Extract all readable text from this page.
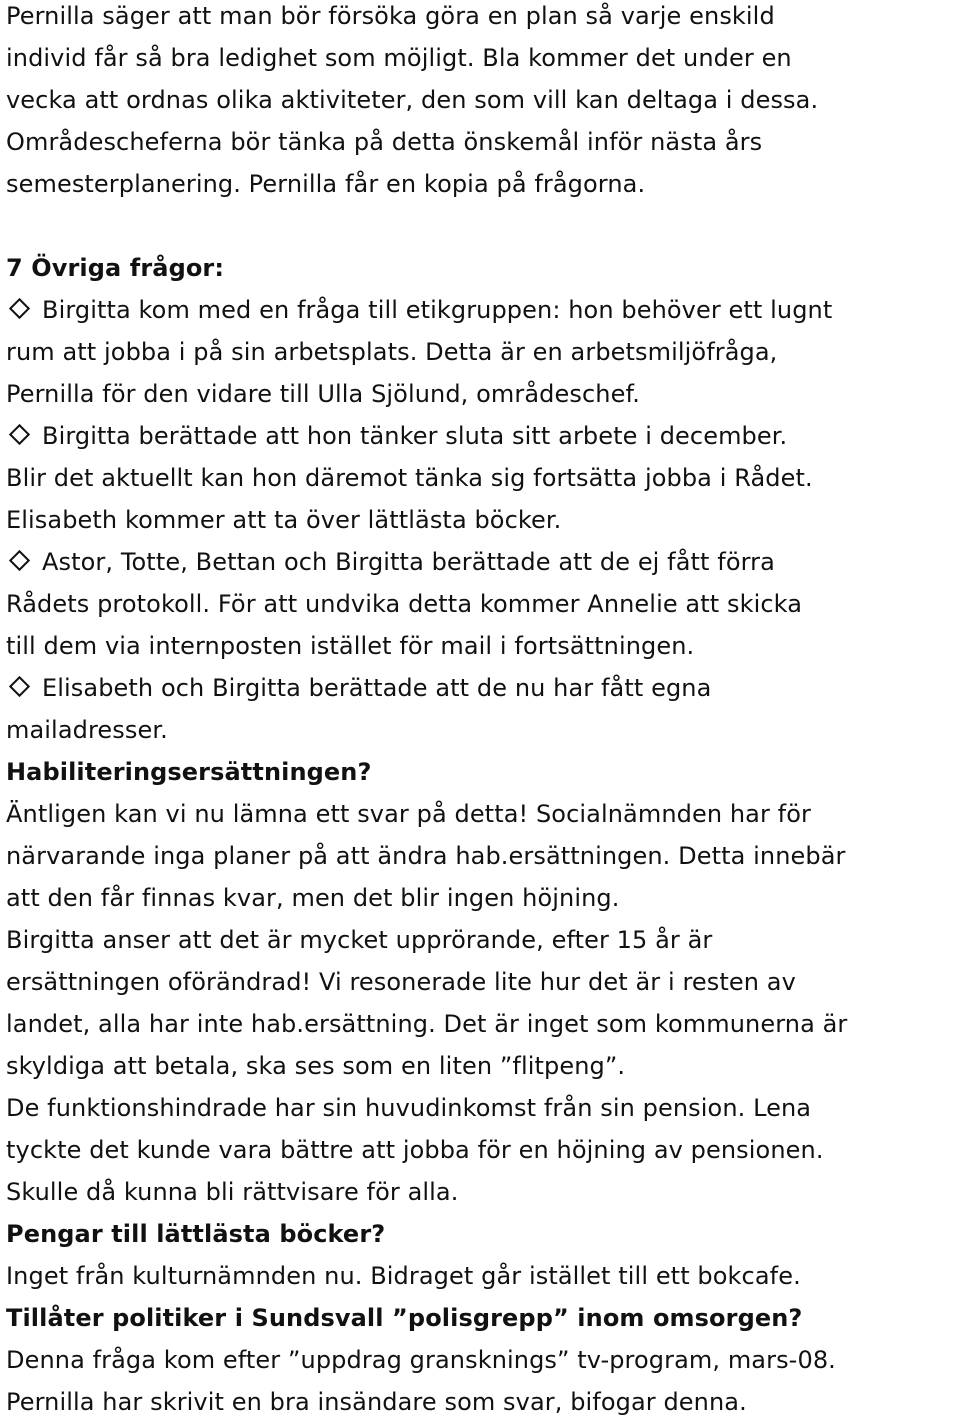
Pernilla säger att man bör försöka göra en plan så varje enskild
individ får så bra ledighet som möjligt. Bla kommer det under en
vecka att ordnas olika aktiviteter, den som vill kan deltaga i dessa.
Områdescheferna bör tänka på detta önskemål inför nästa års
semesterplanering. Pernilla får en kopia på frågorna.
7 Övriga frågor:
Birgitta kom med en fråga till etikgruppen: hon behöver ett lugnt
rum att jobba i på sin arbetsplats. Detta är en arbetsmiljöfråga,
Pernilla för den vidare till Ulla Sjölund, områdeschef.
Birgitta berättade att hon tänker sluta sitt arbete i december.
Blir det aktuellt kan hon däremot tänka sig fortsätta jobba i Rådet.
Elisabeth kommer att ta över lättlästa böcker.
Astor, Totte, Bettan och Birgitta berättade att de ej fått förra
Rådets protokoll. För att undvika detta kommer Annelie att skicka
till dem via internposten istället för mail i fortsättningen.
Elisabeth och Birgitta berättade att de nu har fått egna
mailadresser.
Habiliteringsersättningen?
Äntligen kan vi nu lämna ett svar på detta! Socialnämnden har för
närvarande inga planer på att ändra hab.ersättningen. Detta innebär
att den får finnas kvar, men det blir ingen höjning.
Birgitta anser att det är mycket upprörande, efter 15 år är
ersättningen oförändrad! Vi resonerade lite hur det är i resten av
landet, alla har inte hab.ersättning. Det är inget som kommunerna är
skyldiga att betala, ska ses som en liten ”flitpeng”.
De funktionshindrade har sin huvudinkomst från sin pension. Lena
tyckte det kunde vara bättre att jobba för en höjning av pensionen.
Skulle då kunna bli rättvisare för alla.
Pengar till lättlästa böcker?
Inget från kulturnämnden nu. Bidraget går istället till ett bokcafe.
Tillåter politiker i Sundsvall ”polisgrepp” inom omsorgen?
Denna fråga kom efter ”uppdrag gransknings” tv-program, mars-08.
Pernilla har skrivit en bra insändare som svar, bifogar denna.
